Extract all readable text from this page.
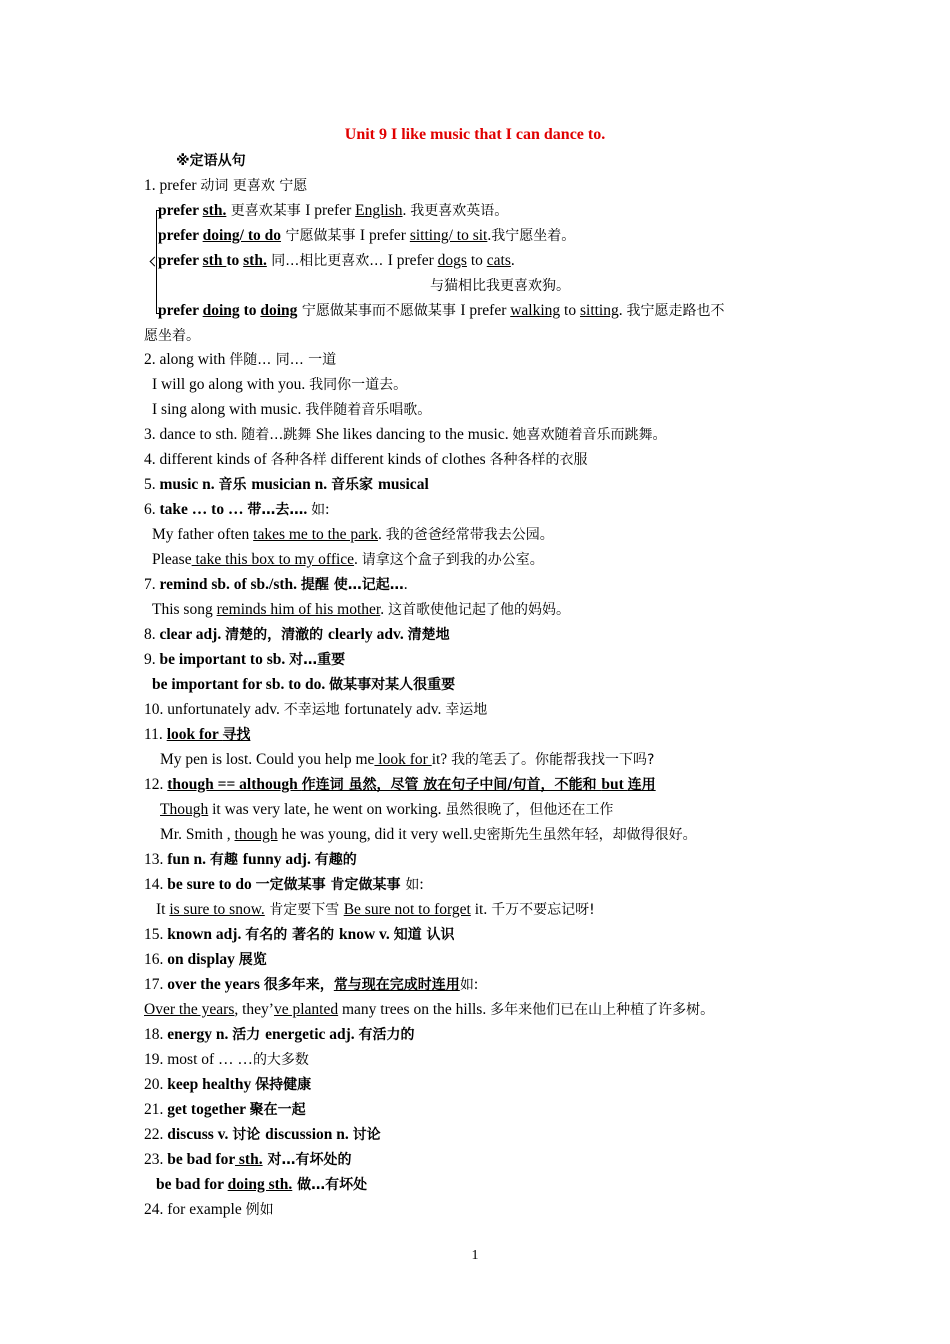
Unit 9 I like music that I can dance to.
※定语从句
1. prefer 动词 更喜欢 宁愿
prefer sth. 更喜欢某事 I prefer English. 我更喜欢英语。
prefer doing/ to do 宁愿做某事 I prefer sitting/ to sit.我宁愿坐着。
prefer sth to sth. 同…相比更喜欢… I prefer dogs to cats.
与猫相比我更喜欢狗。
prefer doing to doing 宁愿做某事而不愿做某事 I prefer walking to sitting. 我宁愿走路也不
愿坐着。
2. along with 伴随… 同… 一道
I will go along with you. 我同你一道去。
I sing along with music. 我伴随着音乐唱歌。
3. dance to sth. 随着…跳舞 She likes dancing to the music. 她喜欢随着音乐而跳舞。
4. different kinds of 各种各样 different kinds of clothes 各种各样的衣服
5. music n. 音乐 musician n. 音乐家 musical
6. take … to … 带…去…. 如:
My father often takes me to the park. 我的爸爸经常带我去公园。
Please take this box to my office. 请拿这个盒子到我的办公室。
7. remind sb. of sb./sth. 提醒 使…记起….
This song reminds him of his mother. 这首歌使他记起了他的妈妈。
8. clear adj. 清楚的，清澈的 clearly adv. 清楚地
9. be important to sb. 对…重要
be important for sb. to do. 做某事对某人很重要
10. unfortunately adv. 不幸运地 fortunately adv. 幸运地
11. look for 寻找
My pen is lost. Could you help me look for it? 我的笔丢了。你能帮我找一下吗?
12. though == although 作连词 虽然，尽管 放在句子中间/句首，不能和 but 连用
Though it was very late, he went on working. 虽然很晚了，但他还在工作
Mr. Smith , though he was young, did it very well.史密斯先生虽然年轻，却做得很好。
13. fun n. 有趣 funny adj. 有趣的
14. be sure to do 一定做某事 肯定做某事 如:
It is sure to snow. 肯定要下雪 Be sure not to forget it. 千万不要忘记呀!
15. known adj. 有名的 著名的 know v. 知道 认识
16. on display 展览
17. over the years 很多年来，常与现在完成时连用如:
Over the years, they’ve planted many trees on the hills. 多年来他们已在山上种植了许多树。
18. energy n. 活力 energetic adj. 有活力的
19. most of … …的大多数
20. keep healthy 保持健康
21. get together 聚在一起
22. discuss v. 讨论 discussion n. 讨论
23. be bad for sth. 对…有坏处的
be bad for doing sth. 做…有坏处
24. for example 例如
1
